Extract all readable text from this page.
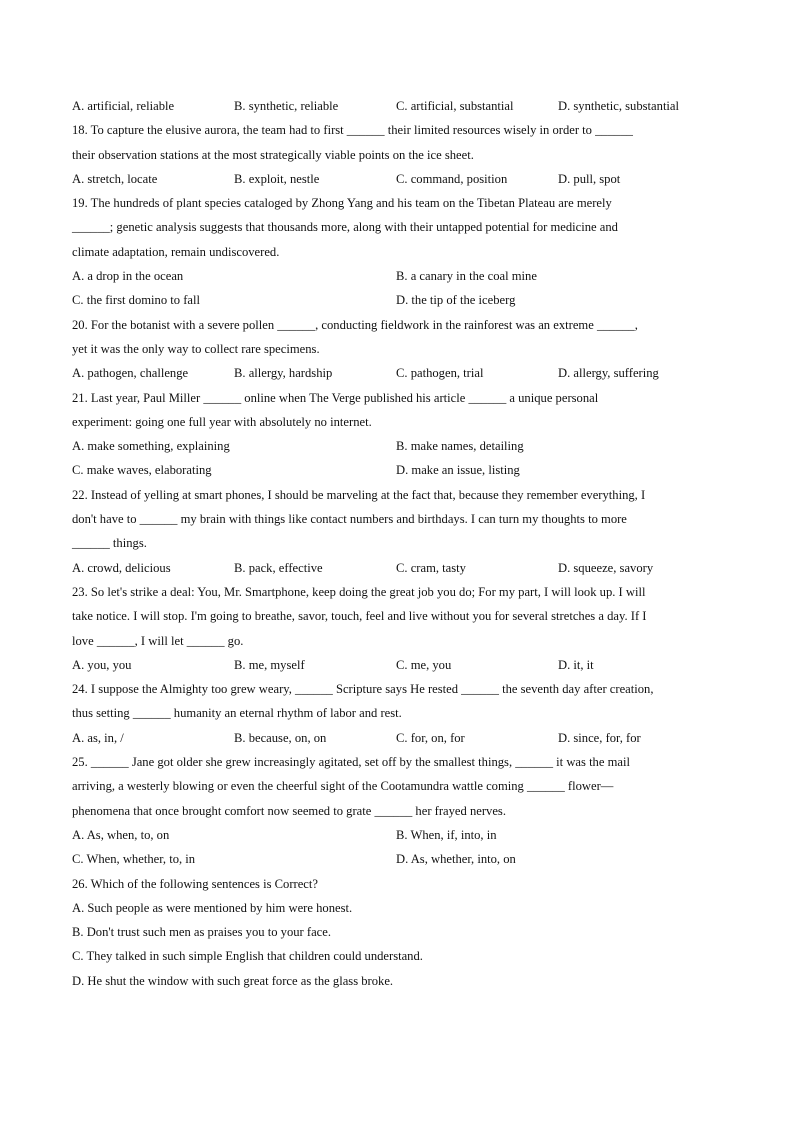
A. artificial, reliable	B. synthetic, reliable	C. artificial, substantial	D. synthetic, substantial
18. To capture the elusive aurora, the team had to first ______ their limited resources wisely in order to ______
their observation stations at the most strategically viable points on the ice sheet.
A. stretch, locate	B. exploit, nestle	C. command, position	D. pull, spot
19. The hundreds of plant species cataloged by Zhong Yang and his team on the Tibetan Plateau are merely
______; genetic analysis suggests that thousands more, along with their untapped potential for medicine and
climate adaptation, remain undiscovered.
A. a drop in the ocean	B. a canary in the coal mine
C. the first domino to fall	D. the tip of the iceberg
20. For the botanist with a severe pollen ______, conducting fieldwork in the rainforest was an extreme ______,
yet it was the only way to collect rare specimens.
A. pathogen, challenge	B. allergy, hardship	C. pathogen, trial	D. allergy, suffering
21. Last year, Paul Miller ______ online when The Verge published his article ______ a unique personal
experiment: going one full year with absolutely no internet.
A. make something, explaining	B. make names, detailing
C. make waves, elaborating	D. make an issue, listing
22. Instead of yelling at smart phones, I should be marveling at the fact that, because they remember everything, I
don't have to ______ my brain with things like contact numbers and birthdays. I can turn my thoughts to more
______ things.
A. crowd, delicious	B. pack, effective	C. cram, tasty	D. squeeze, savory
23. So let's strike a deal: You, Mr. Smartphone, keep doing the great job you do; For my part, I will look up. I will
take notice. I will stop. I'm going to breathe, savor, touch, feel and live without you for several stretches a day. If I
love ______, I will let ______ go.
A. you, you	B. me, myself	C. me, you	D. it, it
24. I suppose the Almighty too grew weary, ______ Scripture says He rested ______ the seventh day after creation,
thus setting ______ humanity an eternal rhythm of labor and rest.
A. as, in, /	B. because, on, on	C. for, on, for	D. since, for, for
25. ______ Jane got older she grew increasingly agitated, set off by the smallest things, ______ it was the mail
arriving, a westerly blowing or even the cheerful sight of the Cootamundra wattle coming ______ flower—
phenomena that once brought comfort now seemed to grate ______ her frayed nerves.
A. As, when, to, on	B. When, if, into, in
C. When, whether, to, in	D. As, whether, into, on
26. Which of the following sentences is Correct?
A. Such people as were mentioned by him were honest.
B. Don't trust such men as praises you to your face.
C. They talked in such simple English that children could understand.
D. He shut the window with such great force as the glass broke.
